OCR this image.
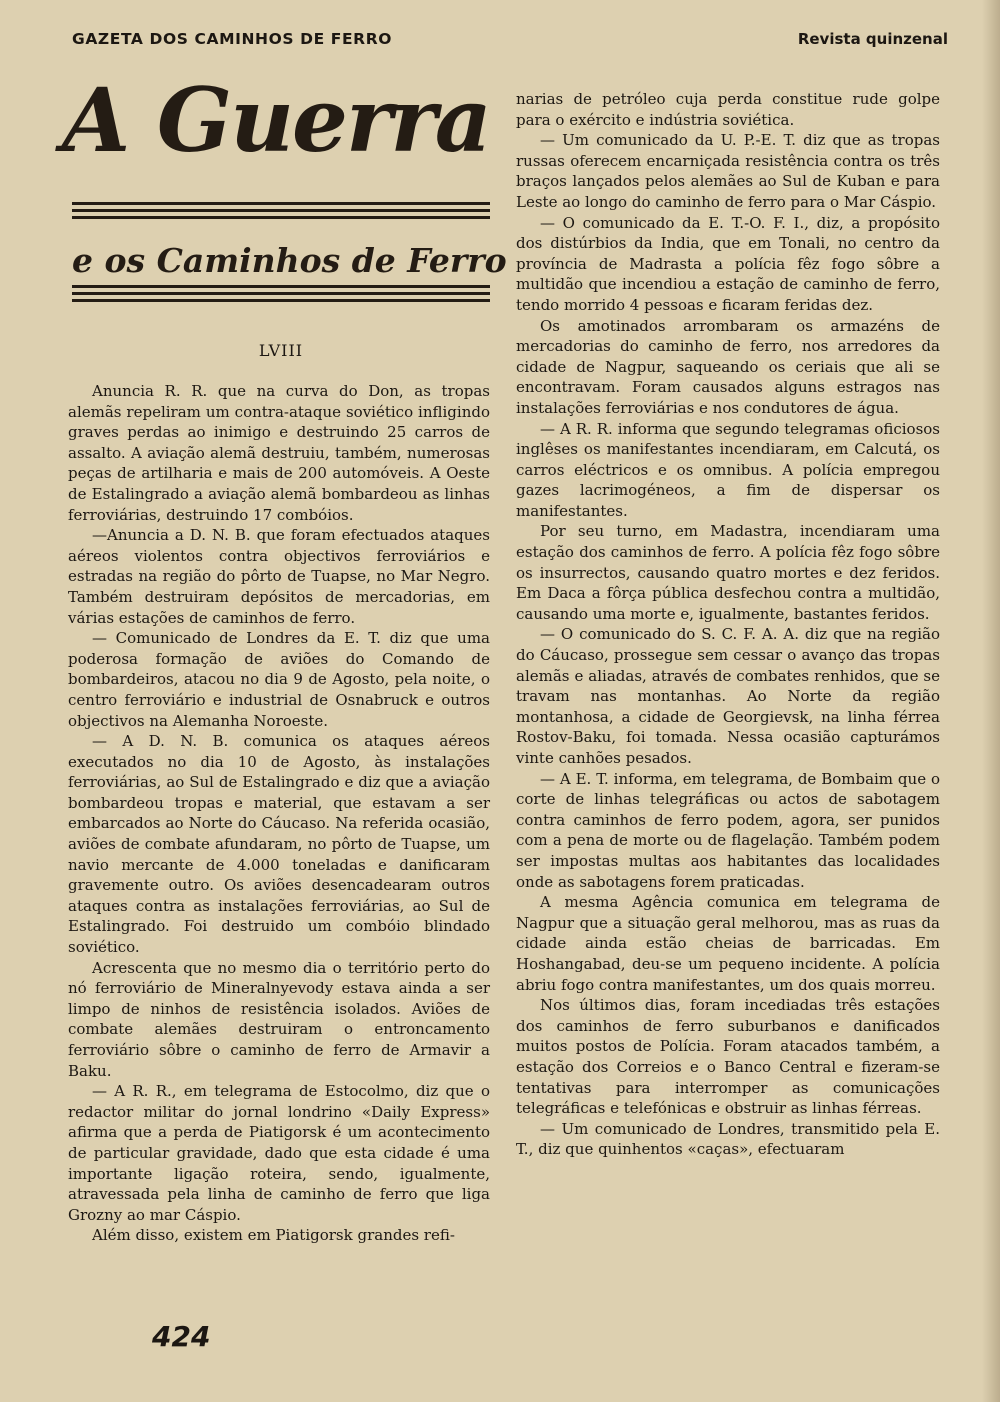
GAZETA DOS CAMINHOS DE FERRO	Revista quinzenal
A Guerra
e os Caminhos de Ferro
LVIII

Anuncia R. R. que na curva do Don, as tropas alemãs repeliram um contra-ataque soviético infligindo graves perdas ao inimigo e destruindo 25 carros de assalto. A aviação alemã destruiu, também, numerosas peças de artilharia e mais de 200 automóveis. A Oeste de Estalingrado a aviação alemã bombardeou as linhas ferroviárias, destruindo 17 combóios.

—Anuncia a D. N. B. que foram efectuados ataques aéreos violentos contra objectivos ferroviários e estradas na região do pôrto de Tuapse, no Mar Negro. Também destruiram depósitos de mercadorias, em várias estações de caminhos de ferro.

— Comunicado de Londres da E. T. diz que uma poderosa formação de aviões do Comando de bombardeiros, atacou no dia 9 de Agosto, pela noite, o centro ferroviário e industrial de Osnabruck e outros objectivos na Alemanha Noroeste.

— A D. N. B. comunica os ataques aéreos executados no dia 10 de Agosto, às instalações ferroviárias, ao Sul de Estalingrado e diz que a aviação bombardeou tropas e material, que estavam a ser embarcados ao Norte do Cáucaso. Na referida ocasião, aviões de combate afundaram, no pôrto de Tuapse, um navio mercante de 4.000 toneladas e danificaram gravemente outro. Os aviões desencadearam outros ataques contra as instalações ferroviárias, ao Sul de Estalingrado. Foi destruido um combóio blindado soviético.

Acrescenta que no mesmo dia o território perto do nó ferroviário de Mineralnyevody estava ainda a ser limpo de ninhos de resistência isolados. Aviões de combate alemães destruiram o entroncamento ferroviário sôbre o caminho de ferro de Armavir a Baku.

— A R. R., em telegrama de Estocolmo, diz que o redactor militar do jornal londrino «Daily Express» afirma que a perda de Piatigorsk é um acontecimento de particular gravidade, dado que esta cidade é uma importante ligação roteira, sendo, igualmente, atravessada pela linha de caminho de ferro que liga Grozny ao mar Cáspio.

Além disso, existem em Piatigorsk grandes refi-

narias de petróleo cuja perda constitue rude golpe para o exército e indústria soviética.

— Um comunicado da U. P.-E. T. diz que as tropas russas oferecem encarniçada resistência contra os três braços lançados pelos alemães ao Sul de Kuban e para Leste ao longo do caminho de ferro para o Mar Cáspio.

— O comunicado da E. T.-O. F. I., diz, a propósito dos distúrbios da India, que em Tonali, no centro da província de Madrasta a polícia fêz fogo sôbre a multidão que incendiou a estação de caminho de ferro, tendo morrido 4 pessoas e ficaram feridas dez.

Os amotinados arrombaram os armazéns de mercadorias do caminho de ferro, nos arredores da cidade de Nagpur, saqueando os ceriais que ali se encontravam. Foram causados alguns estragos nas instalações ferroviárias e nos condutores de água.

— A R. R. informa que segundo telegramas oficiosos inglêses os manifestantes incendiaram, em Calcutá, os carros eléctricos e os omnibus. A polícia empregou gazes lacrimogéneos, a fim de dispersar os manifestantes.

Por seu turno, em Madastra, incendiaram uma estação dos caminhos de ferro. A polícia fêz fogo sôbre os insurrectos, causando quatro mortes e dez feridos. Em Daca a fôrça pública desfechou contra a multidão, causando uma morte e, igualmente, bastantes feridos.

— O comunicado do S. C. F. A. A. diz que na região do Cáucaso, prossegue sem cessar o avanço das tropas alemãs e aliadas, através de combates renhidos, que se travam nas montanhas. Ao Norte da região montanhosa, a cidade de Georgievsk, na linha férrea Rostov-Baku, foi tomada. Nessa ocasião capturámos vinte canhões pesados.

— A E. T. informa, em telegrama, de Bombaim que o corte de linhas telegráficas ou actos de sabotagem contra caminhos de ferro podem, agora, ser punidos com a pena de morte ou de flagelação. Também podem ser impostas multas aos habitantes das localidades onde as sabotagens forem praticadas.

A mesma Agência comunica em telegrama de Nagpur que a situação geral melhorou, mas as ruas da cidade ainda estão cheias de barricadas. Em Hoshangabad, deu-se um pequeno incidente. A polícia abriu fogo contra manifestantes, um dos quais morreu.

Nos últimos dias, foram incediadas três estações dos caminhos de ferro suburbanos e danificados muitos postos de Polícia. Foram atacados também, a estação dos Correios e o Banco Central e fizeram-se tentativas para interromper as comunicações telegráficas e telefónicas e obstruir as linhas férreas.

— Um comunicado de Londres, transmitido pela E. T., diz que quinhentos «caças», efectuaram

424
